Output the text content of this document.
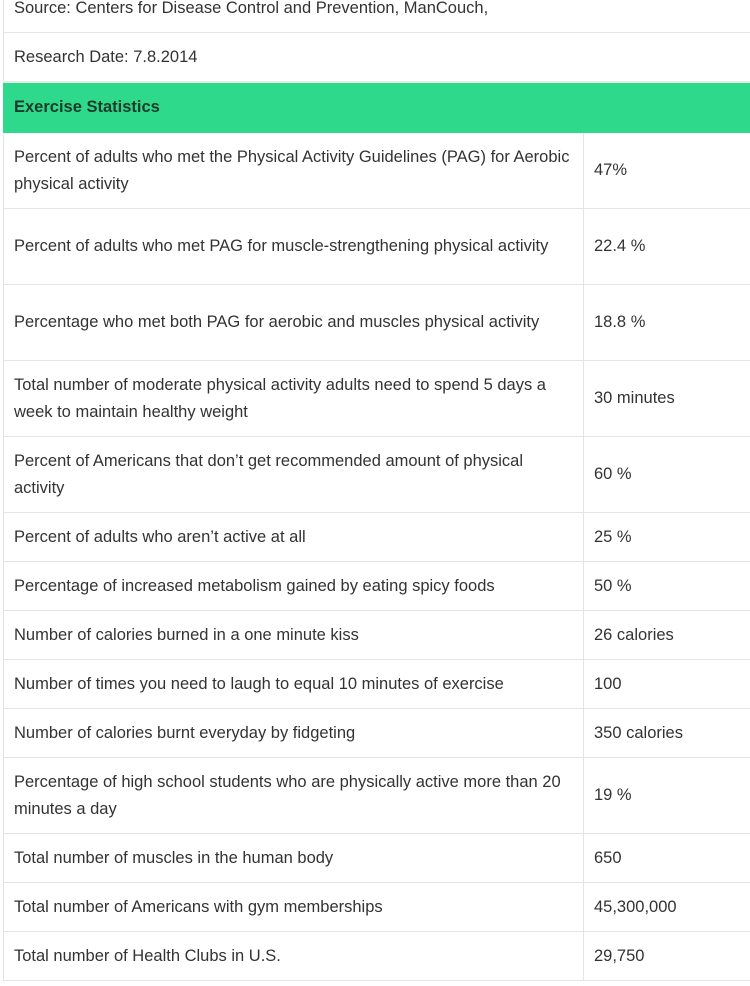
Source: Centers for Disease Control and Prevention, ManCouch,	
Research Date: 7.8.2014	
Exercise Statistics	
Percent of adults who met the Physical Activity Guidelines (PAG) for Aerobic physical activity	47%
Percent of adults who met PAG for muscle-strengthening physical activity	22.4 %
Percentage who met both PAG for aerobic and muscles physical activity	18.8 %
Total number of moderate physical activity adults need to spend 5 days a week to maintain healthy weight	30 minutes
Percent of Americans that don’t get recommended amount of physical activity	60 %
Percent of adults who aren’t active at all	25 %
Percentage of increased metabolism gained by eating spicy foods	50 %
Number of calories burned in a one minute kiss	26 calories
Number of times you need to laugh to equal 10 minutes of exercise	100
Number of calories burnt everyday by fidgeting	350 calories
Percentage of high school students who are physically active more than 20 minutes a day	19 %
Total number of muscles in the human body	650
Total number of Americans with gym memberships	45,300,000
Total number of Health Clubs in U.S.	29,750
